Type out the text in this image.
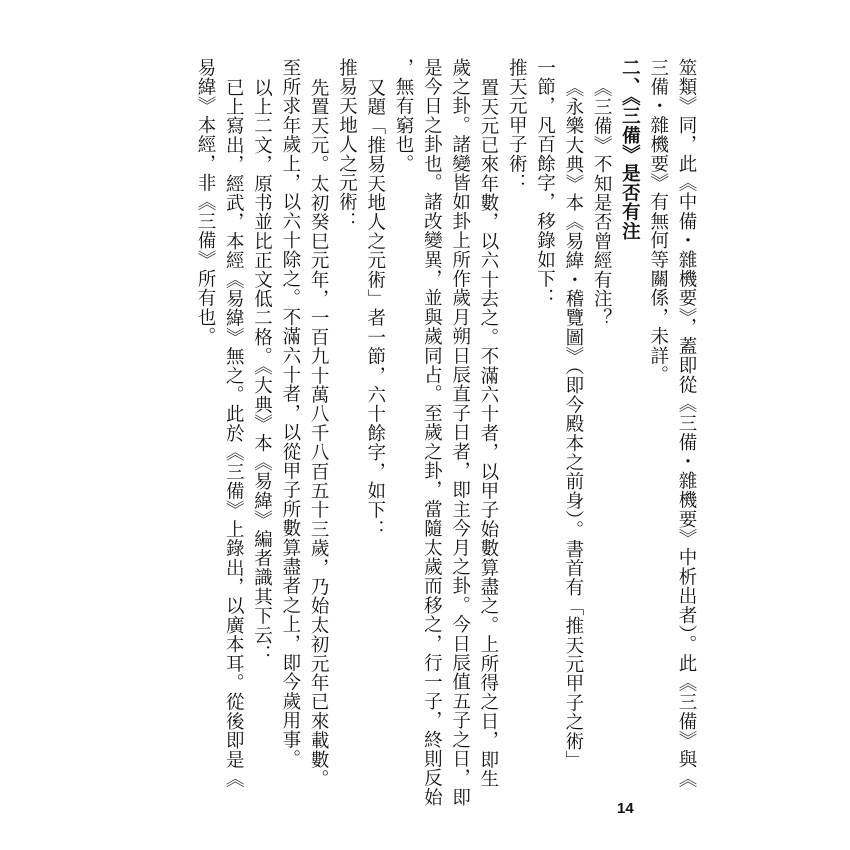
筮類》同，此《中備・雜機要》，蓋即從《三備・雜機要》中析出者）。此《三備》與《
三備・雜機要》有無何等關係，未詳。
二、《三備》是否有注
《三備》不知是否曾經有注？
《永樂大典》本《易緯・稽覽圖》（即今殿本之前身）。書首有「推天元甲子之術」
一節，凡百餘字，移錄如下：
推天元甲子術：
置天元已來年數，以六十去之。不滿六十者，以甲子始數算盡之。上所得之日，即生
歲之卦。諸變皆如卦上所作歲月朔日辰直子日者，即主今月之卦。今日辰值五子之日，即
是今日之卦也。諸改變異，並與歲同占。至歲之卦，當隨太歲而移之，行一子，終則反始
，無有窮也。
又題「推易天地人之元術」者一節，六十餘字，如下：
推易天地人之元術：
先置天元。太初癸巳元年，一百九十萬八千八百五十三歲，乃始太初元年已來載數。
至所求年歲上，以六十除之。不滿六十者，以從甲子所數算盡者之上，即今歲用事。
以上二文，原书並比正文低二格。《大典》本《易緯》編者識其下云：
已上寫出，經武，本經《易緯》無之。此於《三備》上錄出，以廣本耳。從後即是《
易緯》本經，非《三備》所有也。
14
